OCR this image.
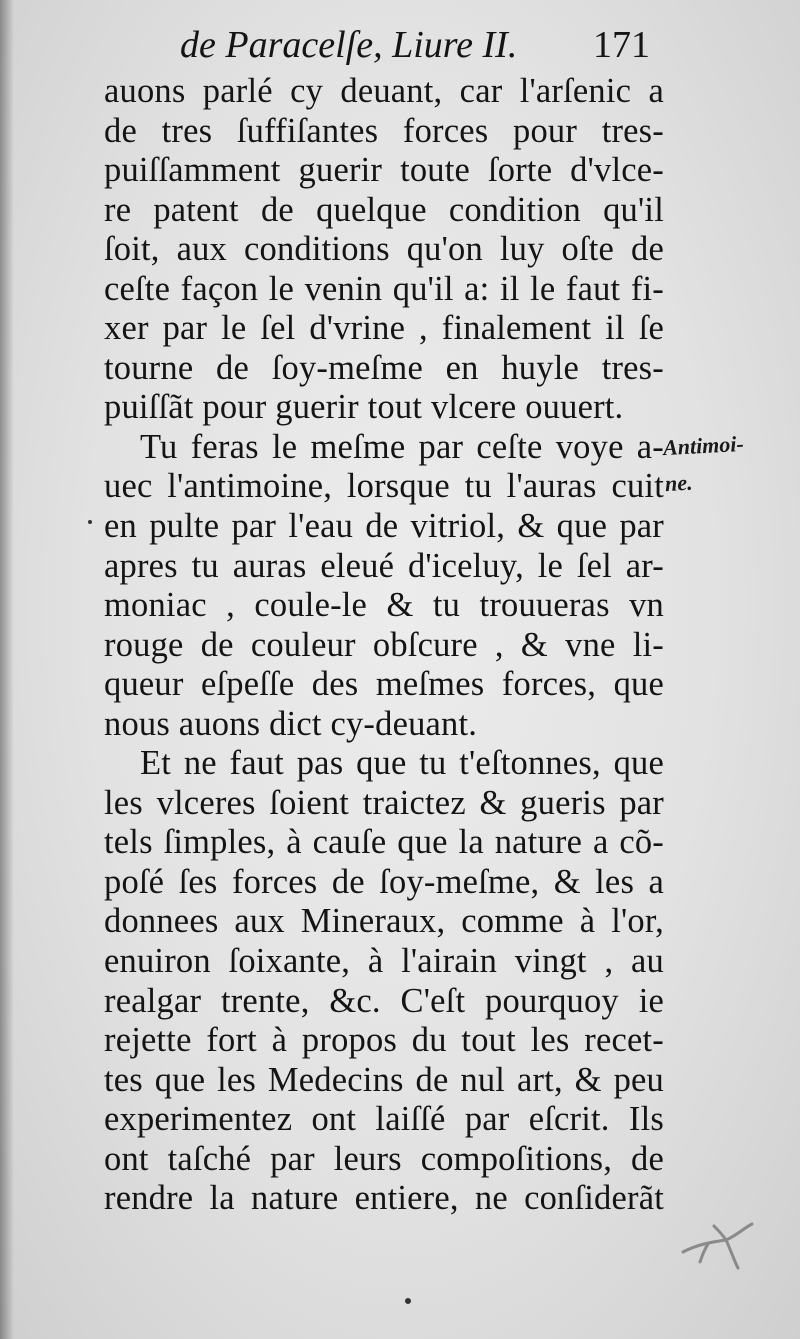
de Paracelſe, Liure II. 171
auons parlé cy deuant, car l'arſenic a
de tres ſuffiſantes forces pour tres-
puiſſamment guerir toute ſorte d'vlce-
re patent de quelque condition qu'il
ſoit, aux conditions qu'on luy oſte de
ceſte façon le venin qu'il a: il le faut fi-
xer par le ſel d'vrine , finalement il ſe
tourne de ſoy-meſme en huyle tres-
puiſſãt pour guerir tout vlcere ouuert.
Tu feras le meſme par ceſte voye a-
uec l'antimoine, lorsque tu l'auras cuit
en pulte par l'eau de vitriol, & que par
apres tu auras eleué d'iceluy, le ſel ar-
moniac , coule-le & tu trouueras vn
rouge de couleur obſcure , & vne li-
queur eſpeſſe des meſmes forces, que
nous auons dict cy-deuant.
Et ne faut pas que tu t'eſtonnes, que
les vlceres ſoient traictez & gueris par
tels ſimples, à cauſe que la nature a cõ-
poſé ſes forces de ſoy-meſme, & les a
donnees aux Mineraux, comme à l'or,
enuiron ſoixante, à l'airain vingt , au
realgar trente, &c. C'eſt pourquoy ie
rejette fort à propos du tout les recet-
tes que les Medecins de nul art, & peu
experimentez ont laiſſé par eſcrit. Ils
ont taſché par leurs compoſitions, de
rendre la nature entiere, ne conſiderãt
Antimoi-
ne.
